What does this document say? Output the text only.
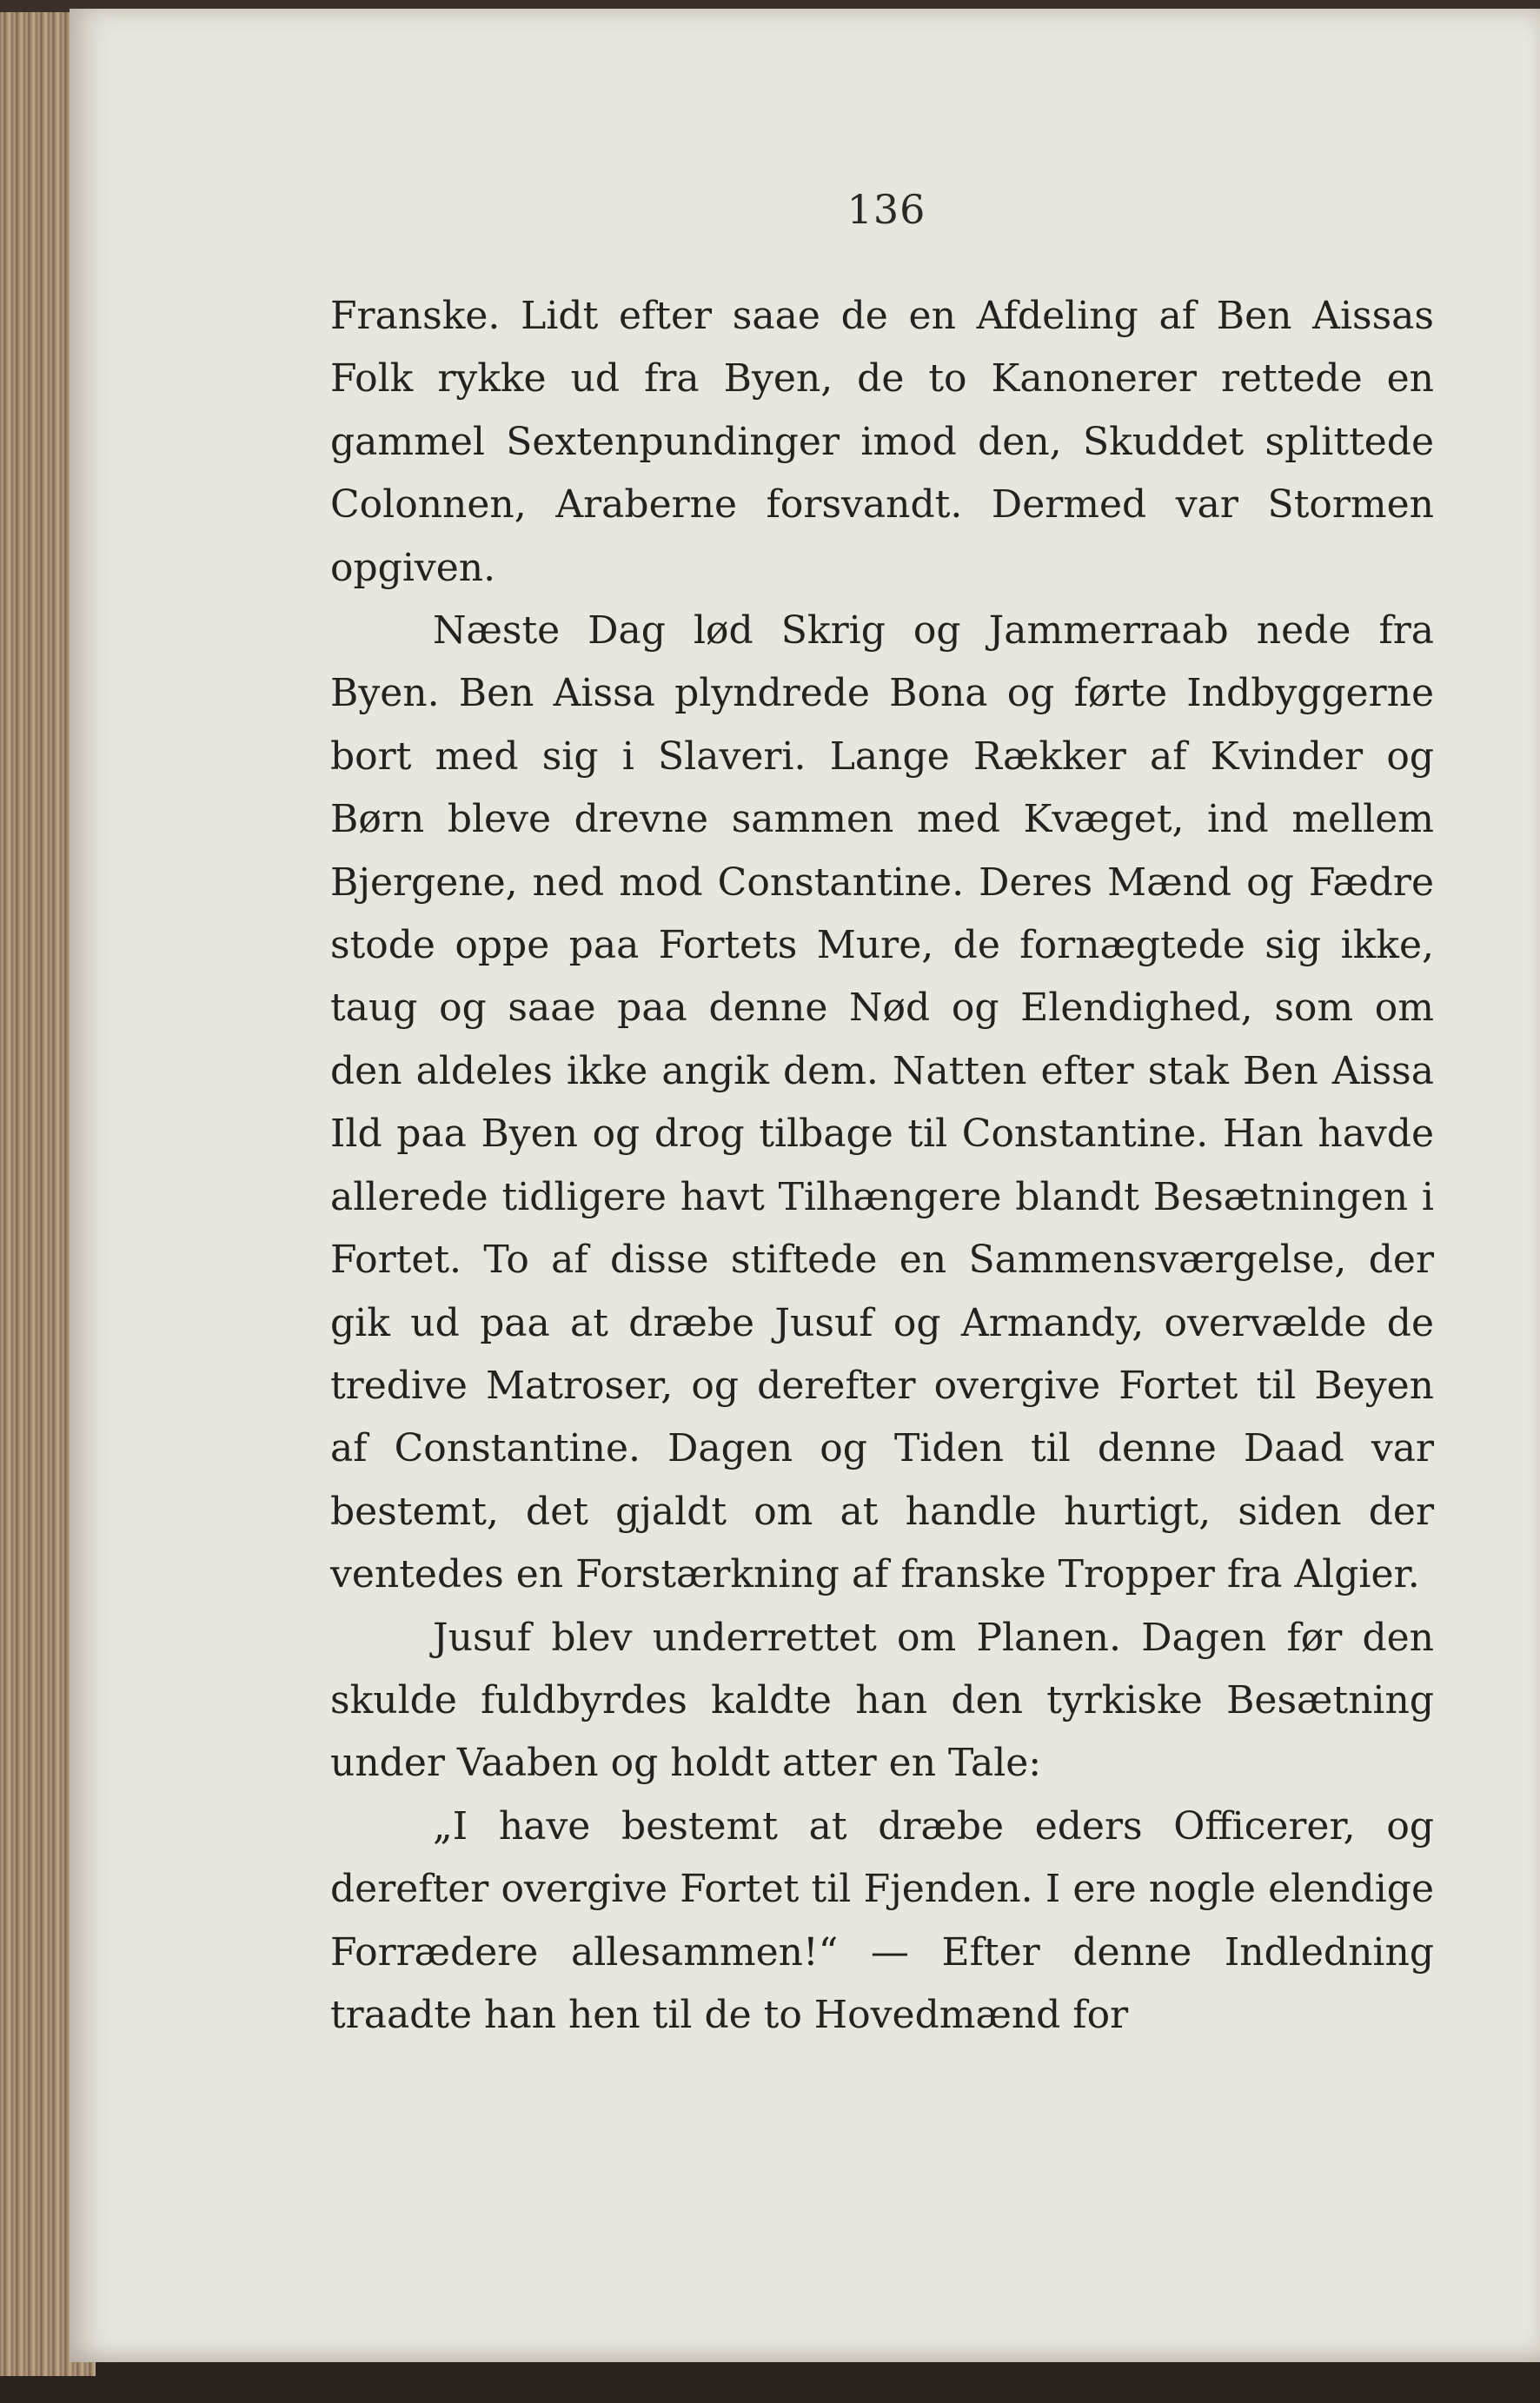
136

Franske. Lidt efter saae de en Afdeling af Ben Aissas Folk rykke ud fra Byen, de to Kanonerer rettede en gammel Sextenpundinger imod den, Skuddet splittede Colonnen, Araberne forsvandt. Dermed var Stormen opgiven.

Næste Dag lød Skrig og Jammerraab nede fra Byen. Ben Aissa plyndrede Bona og førte Indbyggerne bort med sig i Slaveri. Lange Rækker af Kvinder og Børn bleve drevne sammen med Kvæget, ind mellem Bjergene, ned mod Constantine. Deres Mænd og Fædre stode oppe paa Fortets Mure, de fornægtede sig ikke, taug og saae paa denne Nød og Elendighed, som om den aldeles ikke angik dem. Natten efter stak Ben Aissa Ild paa Byen og drog tilbage til Constantine. Han havde allerede tidligere havt Tilhængere blandt Besætningen i Fortet. To af disse stiftede en Sammensværgelse, der gik ud paa at dræbe Jusuf og Armandy, overvælde de tredive Matroser, og derefter overgive Fortet til Beyen af Constantine. Dagen og Tiden til denne Daad var bestemt, det gjaldt om at handle hurtigt, siden der ventedes en Forstærkning af franske Tropper fra Algier.

Jusuf blev underrettet om Planen. Dagen før den skulde fuldbyrdes kaldte han den tyrkiske Besætning under Vaaben og holdt atter en Tale:

„I have bestemt at dræbe eders Officerer, og derefter overgive Fortet til Fjenden. I ere nogle elendige Forrædere allesammen!“ — Efter denne Indledning traadte han hen til de to Hovedmænd for
